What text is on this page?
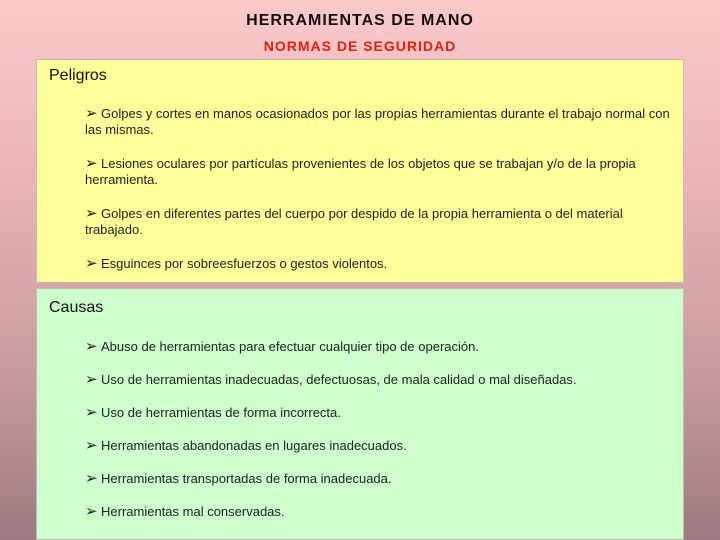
HERRAMIENTAS DE MANO
NORMAS DE SEGURIDAD
Peligros
➢ Golpes y cortes en manos ocasionados por las propias herramientas durante el trabajo normal con las mismas.
➢ Lesiones oculares por partículas provenientes de los objetos que se trabajan y/o de la propia herramienta.
➢ Golpes en diferentes partes del cuerpo por despido de la propia herramienta o del material trabajado.
➢ Esguinces por sobreesfuerzos o gestos violentos.
Causas
➢ Abuso de herramientas para efectuar cualquier tipo de operación.
➢ Uso de herramientas inadecuadas, defectuosas, de mala calidad o mal diseñadas.
➢ Uso de herramientas de forma incorrecta.
➢ Herramientas abandonadas en lugares inadecuados.
➢ Herramientas transportadas de forma inadecuada.
➢ Herramientas mal conservadas.
